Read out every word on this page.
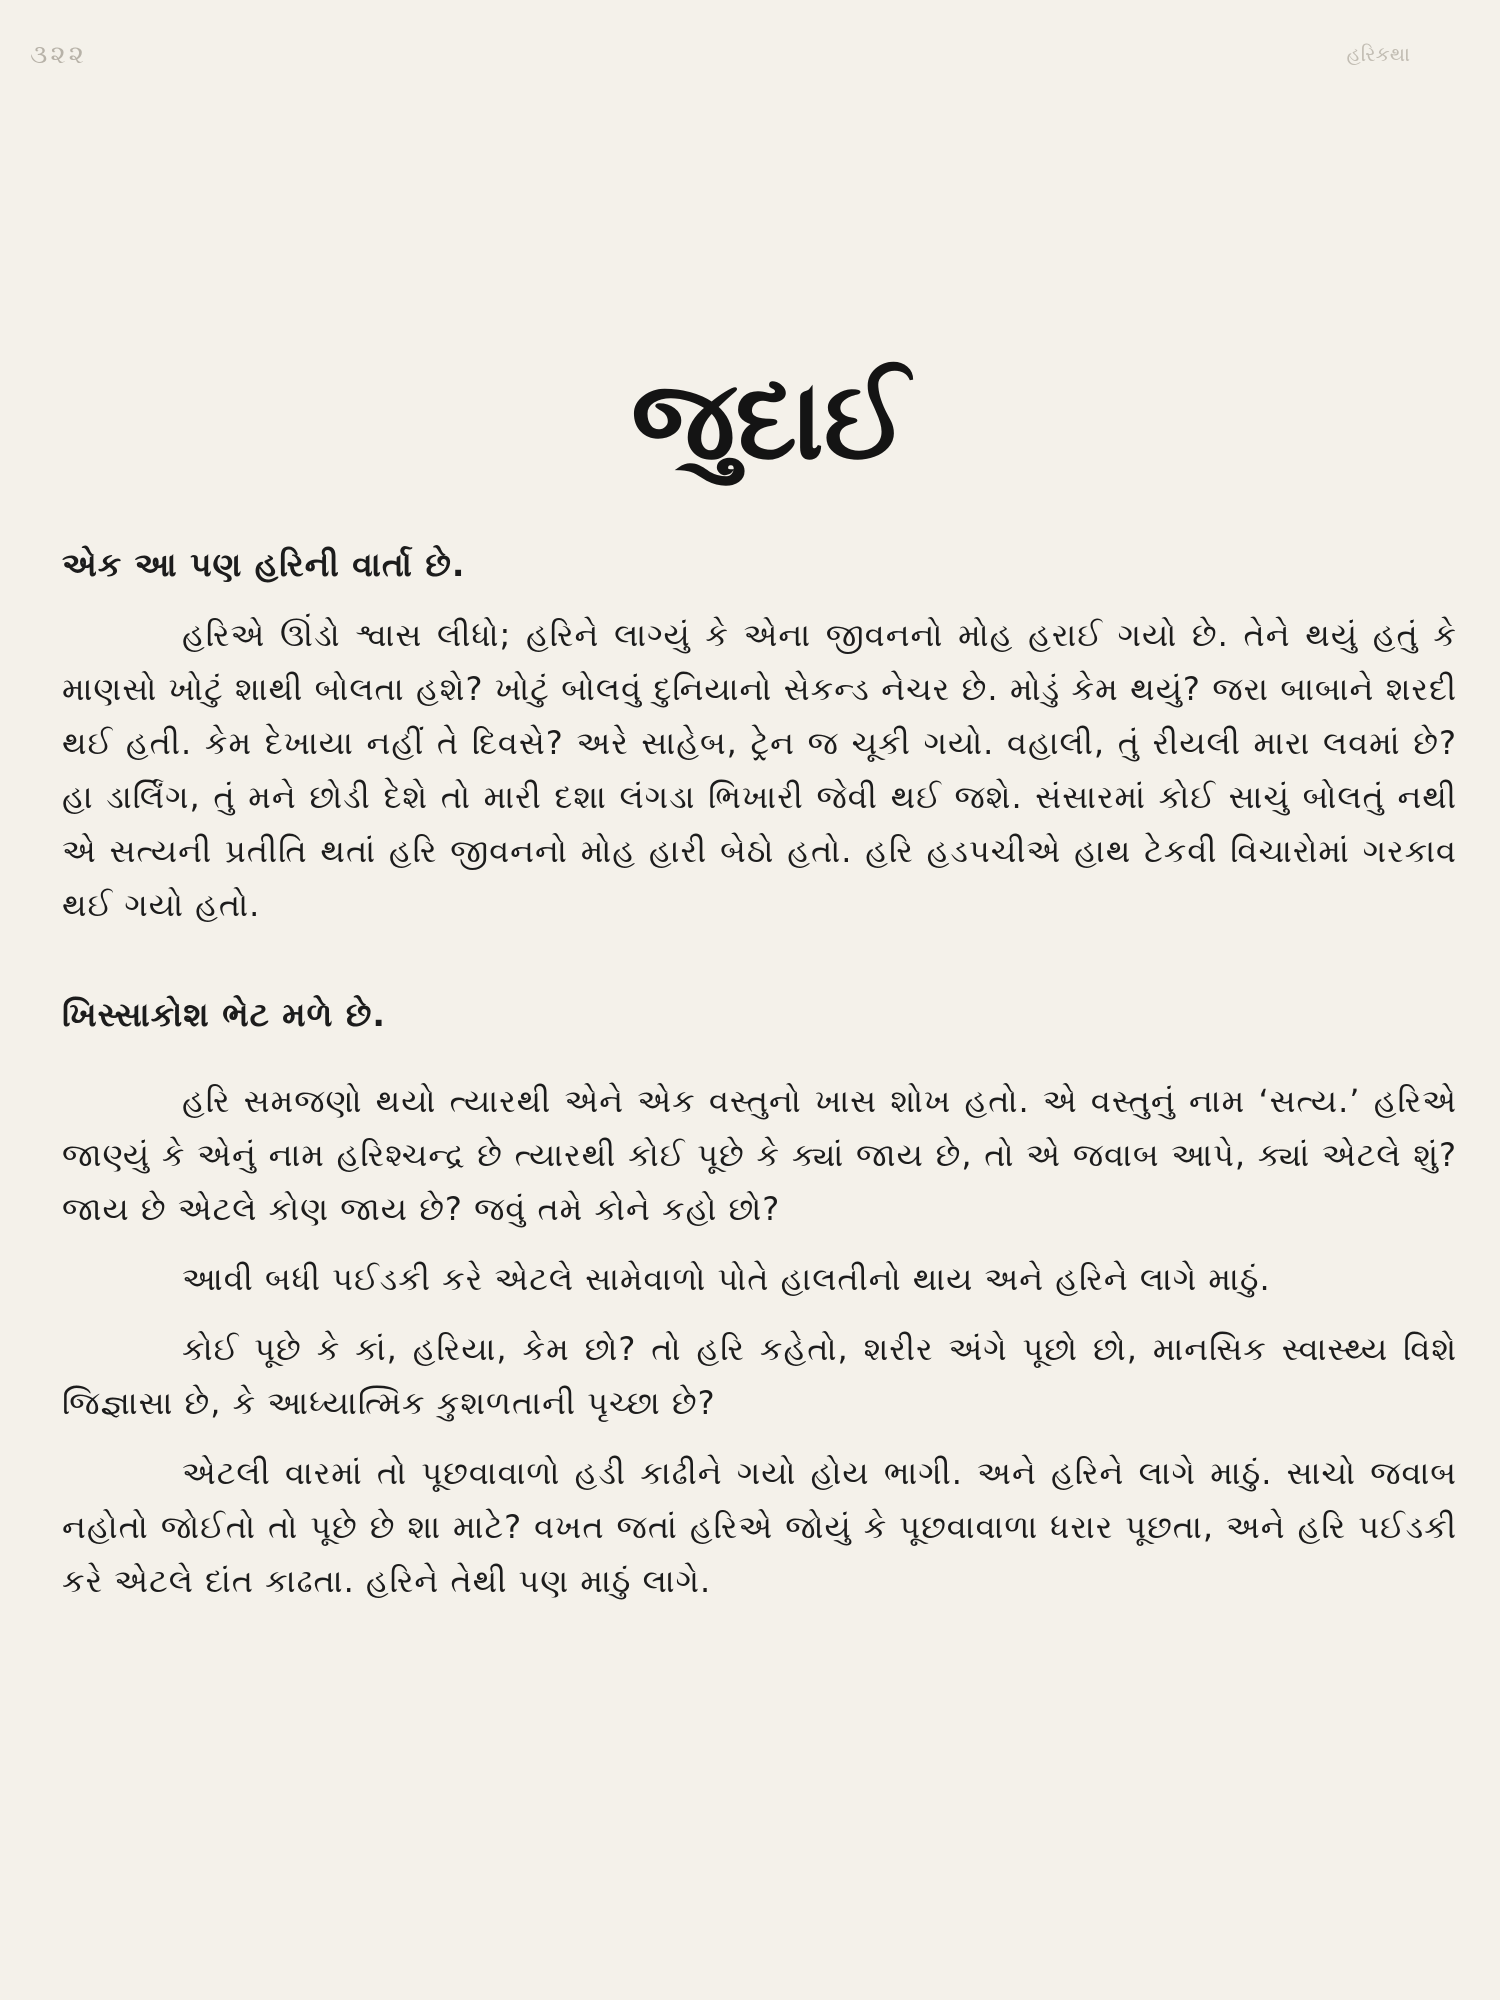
૩૨૨	હરિકથા
જુદાઈ

એક આ પણ હરિની વાર્તા છે.

હરિએ ઊંડો શ્વાસ લીધો; હરિને લાગ્યું કે એના જીવનનો મોહ હરાઈ ગયો છે. તેને થયું હતું કે માણસો ખોટું શાથી બોલતા હશે? ખોટું બોલવું દુનિયાનો સેકન્ડ નેચર છે. મોડું કેમ થયું? જરા બાબાને શરદી થઈ હતી. કેમ દેખાયા નહીં તે દિવસે? અરે સાહેબ, ટ્રેન જ ચૂકી ગયો. વહાલી, તું રીયલી મારા લવમાં છે? હા ડાર્લિંગ, તું મને છોડી દેશે તો મારી દશા લંગડા ભિખારી જેવી થઈ જશે. સંસારમાં કોઈ સાચું બોલતું નથી એ સત્યની પ્રતીતિ થતાં હરિ જીવનનો મોહ હારી બેઠો હતો. હરિ હડપચીએ હાથ ટેકવી વિચારોમાં ગરકાવ થઈ ગયો હતો.

ખિસ્સાકોશ ભેટ મળે છે.

હરિ સમજણો થયો ત્યારથી એને એક વસ્તુનો ખાસ શોખ હતો. એ વસ્તુનું નામ ‘સત્ય.’ હરિએ જાણ્યું કે એનું નામ હરિશ્ચન્દ્ર છે ત્યારથી કોઈ પૂછે કે ક્યાં જાય છે, તો એ જવાબ આપે, ક્યાં એટલે શું? જાય છે એટલે કોણ જાય છે? જવું તમે કોને કહો છો?

આવી બધી પઈડકી કરે એટલે સામેવાળો પોતે હાલતીનો થાય અને હરિને લાગે માઠું.

કોઈ પૂછે કે કાં, હરિયા, કેમ છો? તો હરિ કહેતો, શરીર અંગે પૂછો છો, માનસિક સ્વાસ્થ્ય વિશે જિજ્ઞાસા છે, કે આધ્યાત્મિક કુશળતાની પૃચ્છા છે?

એટલી વારમાં તો પૂછવાવાળો હડી કાઢીને ગયો હોય ભાગી. અને હરિને લાગે માઠું. સાચો જવાબ નહોતો જોઈતો તો પૂછે છે શા માટે? વખત જતાં હરિએ જોયું કે પૂછવાવાળા ધરાર પૂછતા, અને હરિ પઈડકી કરે એટલે દાંત કાઢતા. હરિને તેથી પણ માઠું લાગે.
